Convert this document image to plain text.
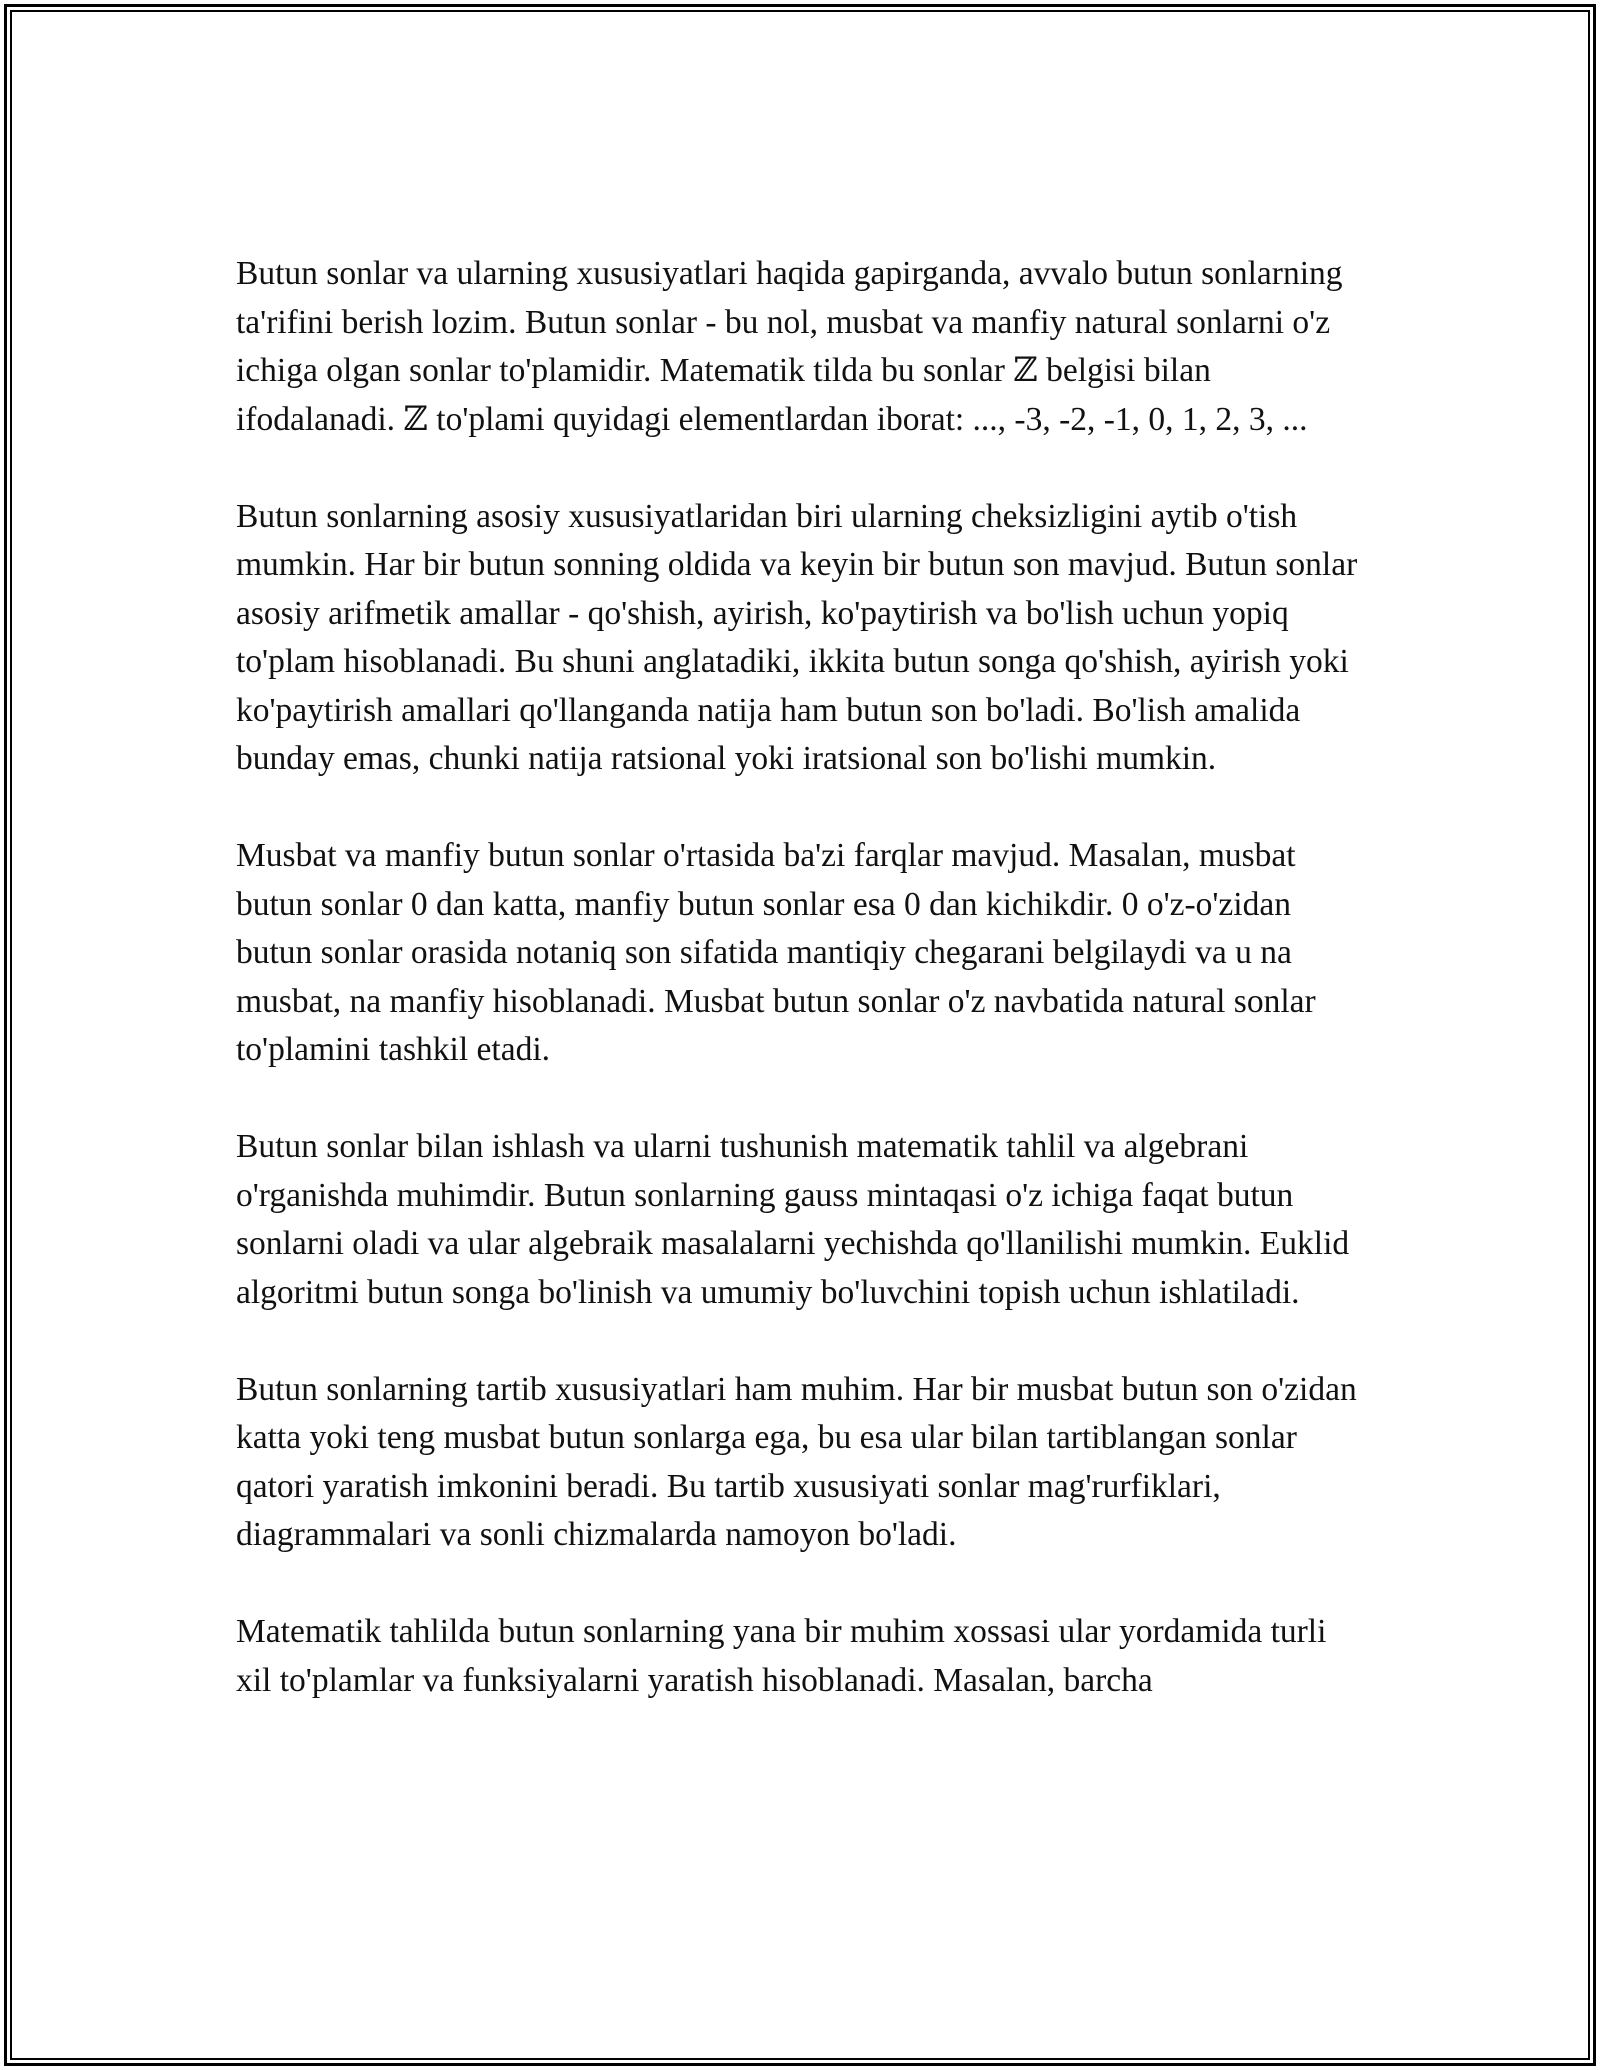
Butun sonlar va ularning xususiyatlari haqida gapirganda, avvalo butun sonlarning ta'rifini berish lozim. Butun sonlar - bu nol, musbat va manfiy natural sonlarni o'z ichiga olgan sonlar to'plamidir. Matematik tilda bu sonlar ℤ belgisi bilan ifodalanadi. ℤ to'plami quyidagi elementlardan iborat: ..., -3, -2, -1, 0, 1, 2, 3, ...

Butun sonlarning asosiy xususiyatlaridan biri ularning cheksizligini aytib o'tish mumkin. Har bir butun sonning oldida va keyin bir butun son mavjud. Butun sonlar asosiy arifmetik amallar - qo'shish, ayirish, ko'paytirish va bo'lish uchun yopiq to'plam hisoblanadi. Bu shuni anglatadiki, ikkita butun songa qo'shish, ayirish yoki ko'paytirish amallari qo'llanganda natija ham butun son bo'ladi. Bo'lish amalida bunday emas, chunki natija ratsional yoki iratsional son bo'lishi mumkin.

Musbat va manfiy butun sonlar o'rtasida ba'zi farqlar mavjud. Masalan, musbat butun sonlar 0 dan katta, manfiy butun sonlar esa 0 dan kichikdir. 0 o'z-o'zidan butun sonlar orasida notaniq son sifatida mantiqiy chegarani belgilaydi va u na musbat, na manfiy hisoblanadi. Musbat butun sonlar o'z navbatida natural sonlar to'plamini tashkil etadi.

Butun sonlar bilan ishlash va ularni tushunish matematik tahlil va algebrani o'rganishda muhimdir. Butun sonlarning gauss mintaqasi o'z ichiga faqat butun sonlarni oladi va ular algebraik masalalarni yechishda qo'llanilishi mumkin. Euklid algoritmi butun songa bo'linish va umumiy bo'luvchini topish uchun ishlatiladi.

Butun sonlarning tartib xususiyatlari ham muhim. Har bir musbat butun son o'zidan katta yoki teng musbat butun sonlarga ega, bu esa ular bilan tartiblangan sonlar qatori yaratish imkonini beradi. Bu tartib xususiyati sonlar mag'rurfiklari, diagrammalari va sonli chizmalarda namoyon bo'ladi.

Matematik tahlilda butun sonlarning yana bir muhim xossasi ular yordamida turli xil to'plamlar va funksiyalarni yaratish hisoblanadi. Masalan, barcha
